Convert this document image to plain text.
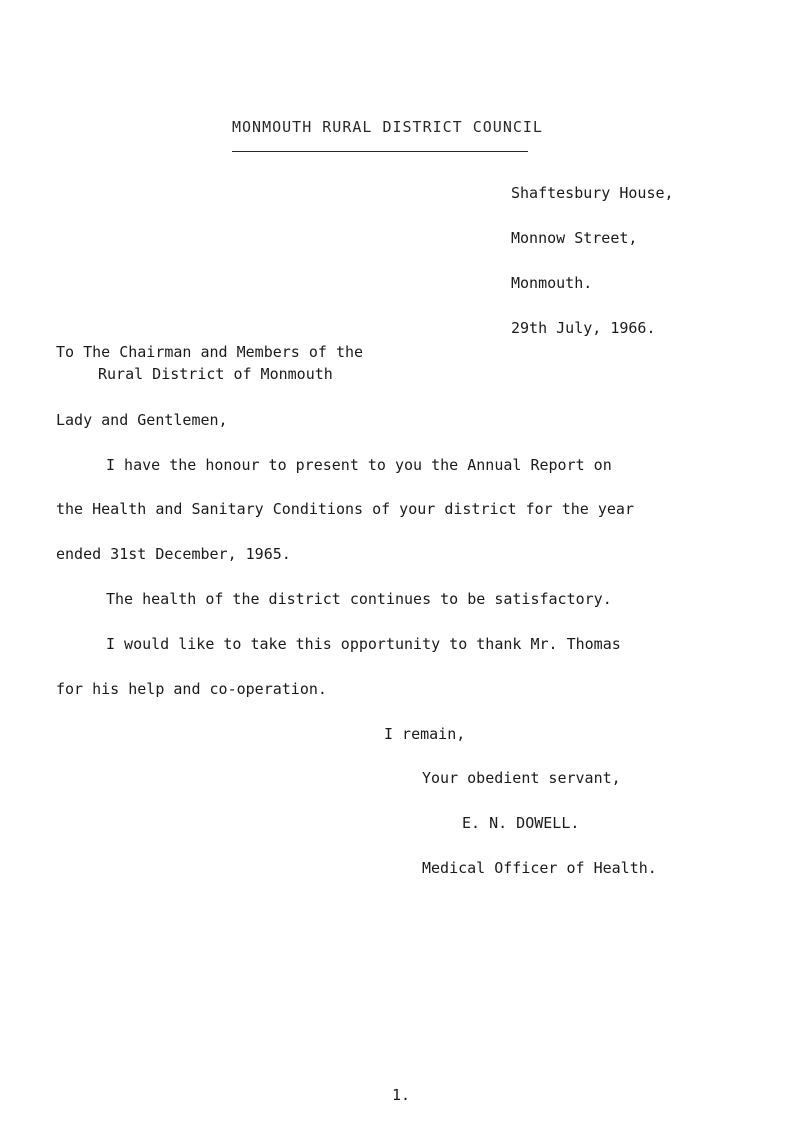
MONMOUTH RURAL DISTRICT COUNCIL
Shaftesbury House,
Monnow Street,
Monmouth.
29th July, 1966.
To The Chairman and Members of the
Rural District of Monmouth
Lady and Gentlemen,
I have the honour to present to you the Annual Report on
the Health and Sanitary Conditions of your district for the year
ended 31st December, 1965.
The health of the district continues to be satisfactory.
I would like to take this opportunity to thank Mr. Thomas
for his help and co-operation.
I remain,
Your obedient servant,
E. N. DOWELL.
Medical Officer of Health.
1.
